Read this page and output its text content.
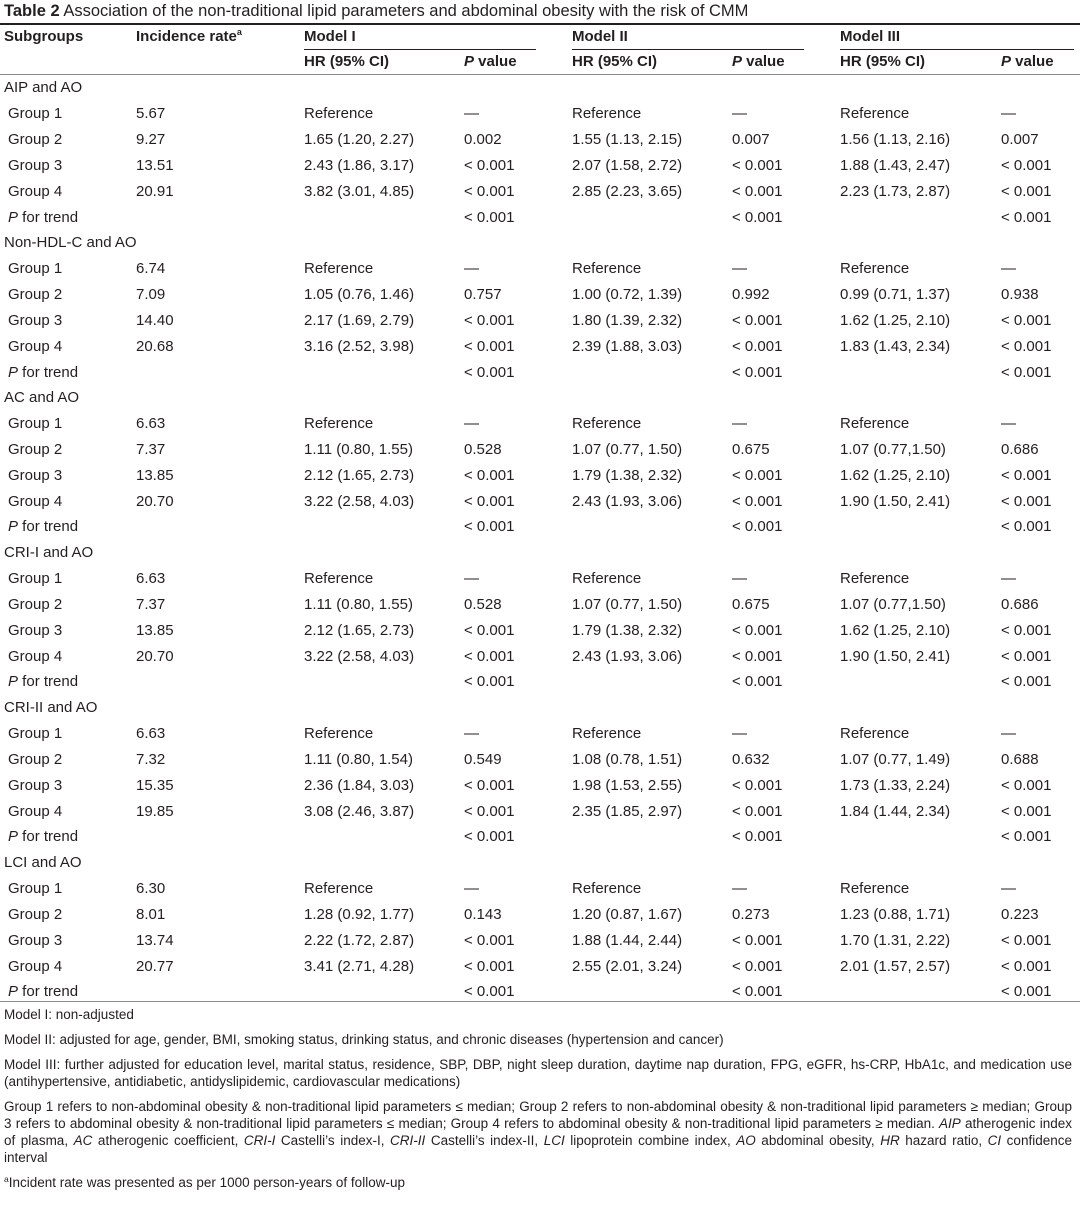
Table 2 Association of the non-traditional lipid parameters and abdominal obesity with the risk of CMM
Subgroups	Incidence rate$^a$	Model I	Model II	Model III
HR (95% CI)	P value	HR (95% CI)	P value	HR (95% CI)	P value
AIP and AO							
Group 1	5.67	Reference	—	Reference	—	Reference	—
Group 2	9.27	1.65 (1.20, 2.27)	0.002	1.55 (1.13, 2.15)	0.007	1.56 (1.13, 2.16)	0.007
Group 3	13.51	2.43 (1.86, 3.17)	< 0.001	2.07 (1.58, 2.72)	< 0.001	1.88 (1.43, 2.47)	< 0.001
Group 4	20.91	3.82 (3.01, 4.85)	< 0.001	2.85 (2.23, 3.65)	< 0.001	2.23 (1.73, 2.87)	< 0.001
P for trend			< 0.001		< 0.001		< 0.001
Non-HDL-C and AO							
Group 1	6.74	Reference	—	Reference	—	Reference	—
Group 2	7.09	1.05 (0.76, 1.46)	0.757	1.00 (0.72, 1.39)	0.992	0.99 (0.71, 1.37)	0.938
Group 3	14.40	2.17 (1.69, 2.79)	< 0.001	1.80 (1.39, 2.32)	< 0.001	1.62 (1.25, 2.10)	< 0.001
Group 4	20.68	3.16 (2.52, 3.98)	< 0.001	2.39 (1.88, 3.03)	< 0.001	1.83 (1.43, 2.34)	< 0.001
P for trend			< 0.001		< 0.001		< 0.001
AC and AO							
Group 1	6.63	Reference	—	Reference	—	Reference	—
Group 2	7.37	1.11 (0.80, 1.55)	0.528	1.07 (0.77, 1.50)	0.675	1.07 (0.77,1.50)	0.686
Group 3	13.85	2.12 (1.65, 2.73)	< 0.001	1.79 (1.38, 2.32)	< 0.001	1.62 (1.25, 2.10)	< 0.001
Group 4	20.70	3.22 (2.58, 4.03)	< 0.001	2.43 (1.93, 3.06)	< 0.001	1.90 (1.50, 2.41)	< 0.001
P for trend			< 0.001		< 0.001		< 0.001
CRI-I and AO							
Group 1	6.63	Reference	—	Reference	—	Reference	—
Group 2	7.37	1.11 (0.80, 1.55)	0.528	1.07 (0.77, 1.50)	0.675	1.07 (0.77,1.50)	0.686
Group 3	13.85	2.12 (1.65, 2.73)	< 0.001	1.79 (1.38, 2.32)	< 0.001	1.62 (1.25, 2.10)	< 0.001
Group 4	20.70	3.22 (2.58, 4.03)	< 0.001	2.43 (1.93, 3.06)	< 0.001	1.90 (1.50, 2.41)	< 0.001
P for trend			< 0.001		< 0.001		< 0.001
CRI-II and AO							
Group 1	6.63	Reference	—	Reference	—	Reference	—
Group 2	7.32	1.11 (0.80, 1.54)	0.549	1.08 (0.78, 1.51)	0.632	1.07 (0.77, 1.49)	0.688
Group 3	15.35	2.36 (1.84, 3.03)	< 0.001	1.98 (1.53, 2.55)	< 0.001	1.73 (1.33, 2.24)	< 0.001
Group 4	19.85	3.08 (2.46, 3.87)	< 0.001	2.35 (1.85, 2.97)	< 0.001	1.84 (1.44, 2.34)	< 0.001
P for trend			< 0.001		< 0.001		< 0.001
LCI and AO							
Group 1	6.30	Reference	—	Reference	—	Reference	—
Group 2	8.01	1.28 (0.92, 1.77)	0.143	1.20 (0.87, 1.67)	0.273	1.23 (0.88, 1.71)	0.223
Group 3	13.74	2.22 (1.72, 2.87)	< 0.001	1.88 (1.44, 2.44)	< 0.001	1.70 (1.31, 2.22)	< 0.001
Group 4	20.77	3.41 (2.71, 4.28)	< 0.001	2.55 (2.01, 3.24)	< 0.001	2.01 (1.57, 2.57)	< 0.001
P for trend			< 0.001		< 0.001		< 0.001
Model I: non-adjusted
Model II: adjusted for age, gender, BMI, smoking status, drinking status, and chronic diseases (hypertension and cancer)
Model III: further adjusted for education level, marital status, residence, SBP, DBP, night sleep duration, daytime nap duration, FPG, eGFR, hs-CRP, HbA1c, and medication use (antihypertensive, antidiabetic, antidyslipidemic, cardiovascular medications)
Group 1 refers to non-abdominal obesity & non-traditional lipid parameters ≤ median; Group 2 refers to non-abdominal obesity & non-traditional lipid parameters ≥ median; Group 3 refers to abdominal obesity & non-traditional lipid parameters ≤ median; Group 4 refers to abdominal obesity & non-traditional lipid parameters ≥ median. AIP atherogenic index of plasma, AC atherogenic coefficient, CRI-I Castelli’s index-I, CRI-II Castelli’s index-II, LCI lipoprotein combine index, AO abdominal obesity, HR hazard ratio, CI confidence interval
$^a$Incident rate was presented as per 1000 person-years of follow-up
